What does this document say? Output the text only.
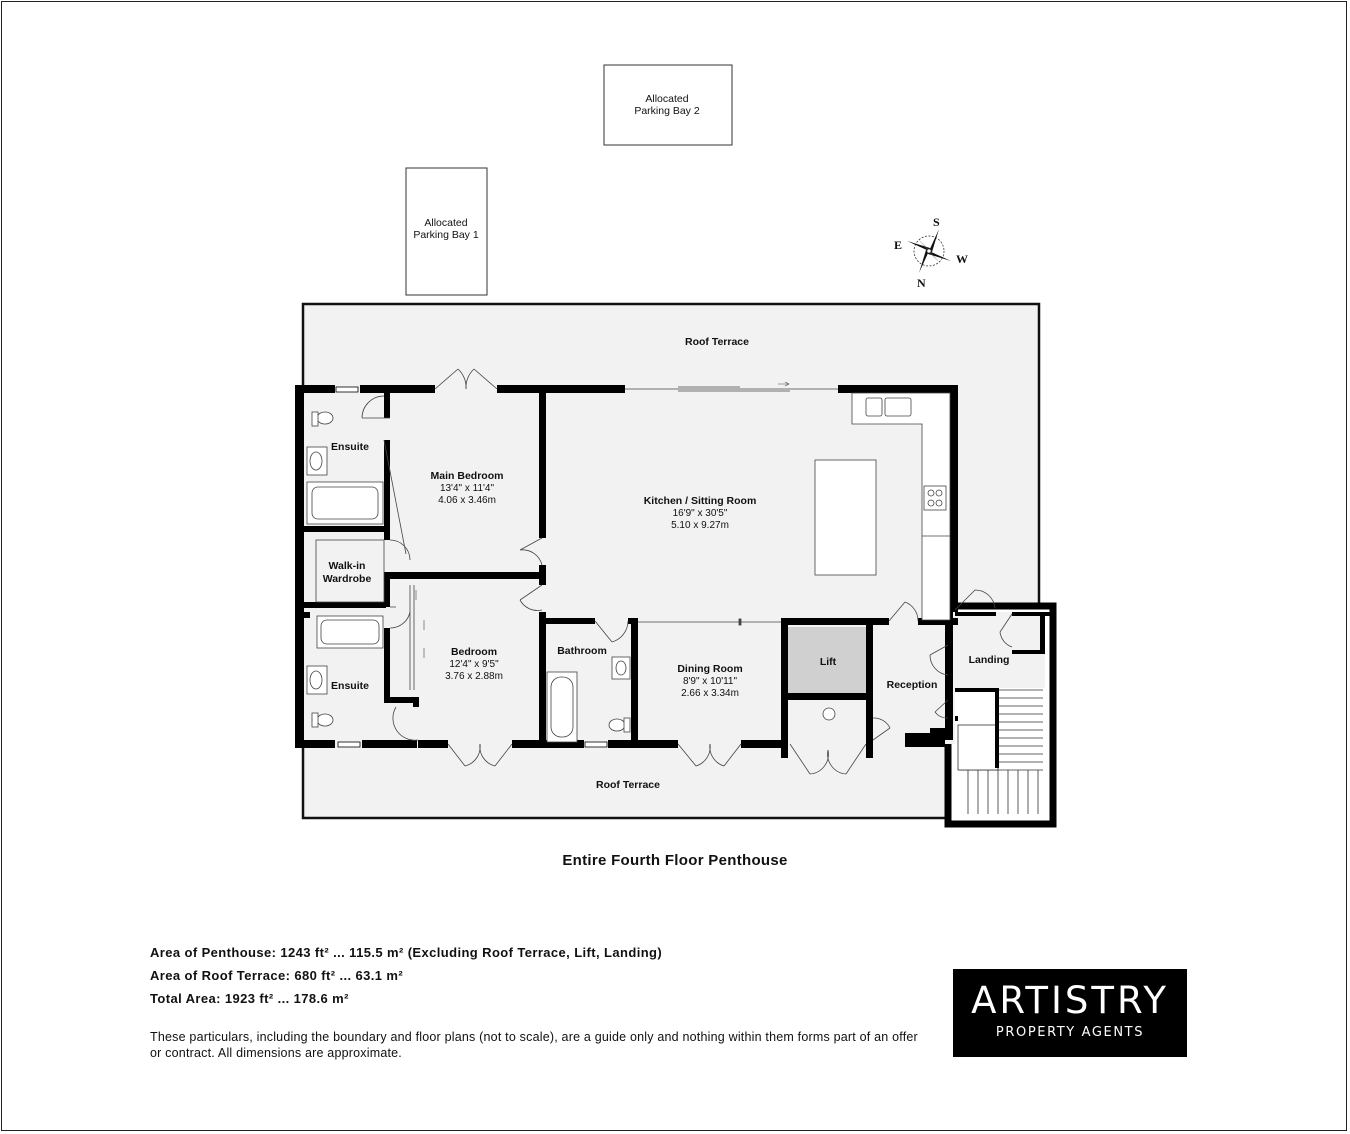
Allocated
Parking Bay 2
Allocated
Parking Bay 1
S
E
W
N
Roof Terrace
Roof Terrace
Ensuite
Main Bedroom
13'4" x 11'4"
4.06 x 3.46m
Walk-in
Wardrobe
Kitchen / Sitting Room
16'9" x 30'5"
5.10 x 9.27m
Bedroom
12'4" x 9'5"
3.76 x 2.88m
Ensuite
Bathroom
Dining Room
8'9" x 10'11"
2.66 x 3.34m
Lift
Reception
Landing
Entire Fourth Floor Penthouse
Area of Penthouse: 1243 ft² ... 115.5 m² (Excluding Roof Terrace, Lift, Landing)
Area of Roof Terrace: 680 ft² ... 63.1 m²
Total Area: 1923 ft² ... 178.6 m²
These particulars, including the boundary and floor plans (not to scale), are a guide only and nothing within them forms part of an offer or contract. All dimensions are approximate.
ARTISTRY
PROPERTY AGENTS
